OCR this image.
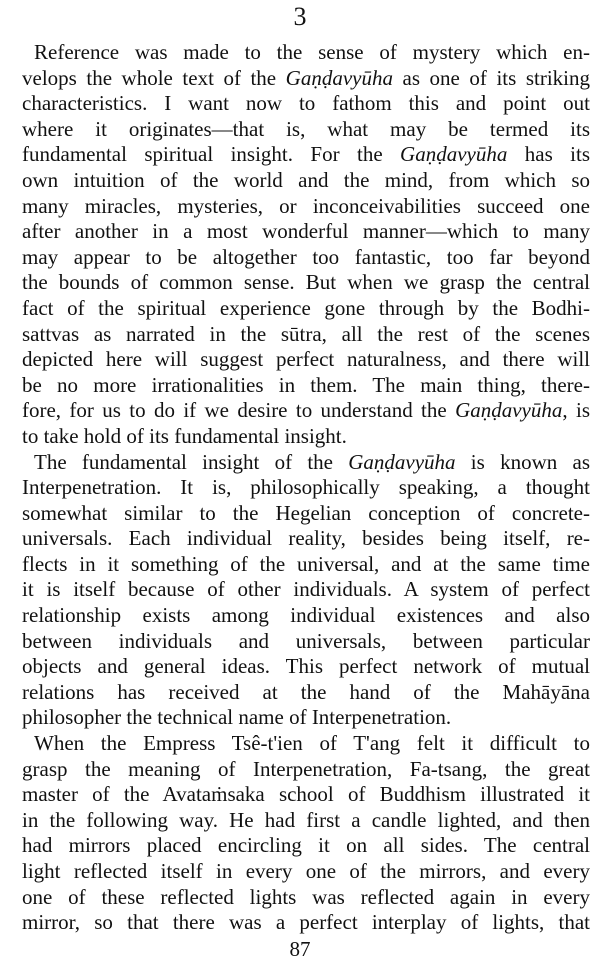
3
Reference was made to the sense of mystery which en-
velops the whole text of the Gaṇḍavyūha as one of its striking
characteristics. I want now to fathom this and point out
where it originates—that is, what may be termed its
fundamental spiritual insight. For the Gaṇḍavyūha has its
own intuition of the world and the mind, from which so
many miracles, mysteries, or inconceivabilities succeed one
after another in a most wonderful manner—which to many
may appear to be altogether too fantastic, too far beyond
the bounds of common sense. But when we grasp the central
fact of the spiritual experience gone through by the Bodhi-
sattvas as narrated in the sūtra, all the rest of the scenes
depicted here will suggest perfect naturalness, and there will
be no more irrationalities in them. The main thing, there-
fore, for us to do if we desire to understand the Gaṇḍavyūha, is
to take hold of its fundamental insight.
The fundamental insight of the Gaṇḍavyūha is known as
Interpenetration. It is, philosophically speaking, a thought
somewhat similar to the Hegelian conception of concrete-
universals. Each individual reality, besides being itself, re-
flects in it something of the universal, and at the same time
it is itself because of other individuals. A system of perfect
relationship exists among individual existences and also
between individuals and universals, between particular
objects and general ideas. This perfect network of mutual
relations has received at the hand of the Mahāyāna
philosopher the technical name of Interpenetration.
When the Empress Tsê-t'ien of T'ang felt it difficult to
grasp the meaning of Interpenetration, Fa-tsang, the great
master of the Avataṁsaka school of Buddhism illustrated it
in the following way. He had first a candle lighted, and then
had mirrors placed encircling it on all sides. The central
light reflected itself in every one of the mirrors, and every
one of these reflected lights was reflected again in every
mirror, so that there was a perfect interplay of lights, that
87
